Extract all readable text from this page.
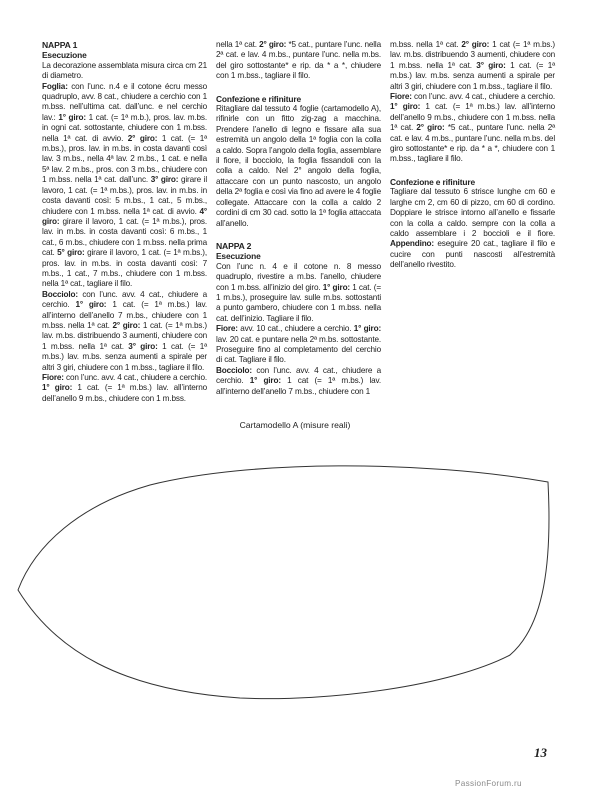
NAPPA 1
Esecuzione

La decorazione assemblata misura circa cm 21 di diametro.

Foglia: con l’unc. n.4 e il cotone écru messo quadruplo, avv. 8 cat., chiudere a cerchio con 1 m.bss. nell’ultima cat. dall’unc. e nel cerchio lav.: 1° giro: 1 cat. (= 1ª m.b.), pros. lav. m.bs. in ogni cat. sottostante, chiudere con 1 m.bss. nella 1ª cat. di avvio. 2° giro: 1 cat. (= 1ª m.bs.), pros. lav. in m.bs. in costa davanti così lav. 3 m.bs., nella 4ª lav. 2 m.bs., 1 cat. e nella 5ª lav. 2 m.bs., pros. con 3 m.bs., chiudere con 1 m.bss. nella 1ª cat. dall’unc. 3° giro: girare il lavoro, 1 cat. (= 1ª m.bs.), pros. lav. in m.bs. in costa davanti così: 5 m.bs., 1 cat., 5 m.bs., chiudere con 1 m.bss. nella 1ª cat. di avvio. 4° giro: girare il lavoro, 1 cat. (= 1ª m.bs.), pros. lav. in m.bs. in costa davanti così: 6 m.bs., 1 cat., 6 m.bs., chiudere con 1 m.bss. nella prima cat. 5° giro: girare il lavoro, 1 cat. (= 1ª m.bs.), pros. lav. in m.bs. in costa davanti così: 7 m.bs., 1 cat., 7 m.bs., chiudere con 1 m.bss. nella 1ª cat., tagliare il filo.

Bocciolo: con l’unc. avv. 4 cat., chiudere a cerchio. 1° giro: 1 cat. (= 1ª m.bs.) lav. all’interno dell’anello 7 m.bs., chiudere con 1 m.bss. nella 1ª cat. 2° giro: 1 cat. (= 1ª m.bs.) lav. m.bs. distribuendo 3 aumenti, chiudere con 1 m.bss. nella 1ª cat. 3° giro: 1 cat. (= 1ª m.bs.) lav. m.bs. senza aumenti a spirale per altri 3 giri, chiudere con 1 m.bss., tagliare il filo.

Fiore: con l’unc. avv. 4 cat., chiudere a cerchio. 1° giro: 1 cat. (= 1ª m.bs.) lav. all’interno dell’anello 9 m.bs., chiudere con 1 m.bss.

nella 1ª cat. 2° giro: *5 cat., puntare l’unc. nella 2ª cat. e lav. 4 m.bs., puntare l’unc. nella m.bs. del giro sottostante* e rip. da * a *, chiudere con 1 m.bss., tagliare il filo.

Confezione e rifiniture

Ritagliare dal tessuto 4 foglie (cartamodello A), rifinirle con un fitto zig-zag a macchina. Prendere l’anello di legno e fissare alla sua estremità un angolo della 1ª foglia con la colla a caldo. Sopra l’angolo della foglia, assemblare il fiore, il bocciolo, la foglia fissandoli con la colla a caldo. Nel 2° angolo della foglia, attaccare con un punto nascosto, un angolo della 2ª foglia e così via fino ad avere le 4 foglie collegate. Attaccare con la colla a caldo 2 cordini di cm 30 cad. sotto la 1ª foglia attaccata all’anello.

NAPPA 2
Esecuzione

Con l’unc n. 4 e il cotone n. 8 messo quadruplo, rivestire a m.bs. l’anello, chiudere con 1 m.bss. all’inizio del giro. 1° giro: 1 cat. (= 1 m.bs.), proseguire lav. sulle m.bs. sottostanti a punto gambero, chiudere con 1 m.bss. nella cat. dell’inizio. Tagliare il filo.

Fiore: avv. 10 cat., chiudere a cerchio. 1° giro: lav. 20 cat. e puntare nella 2ª m.bs. sottostante. Proseguire fino al completamento del cerchio di cat. Tagliare il filo.

Bocciolo: con l’unc. avv. 4 cat., chiudere a cerchio. 1° giro: 1 cat (= 1ª m.bs.) lav. all’interno dell’anello 7 m.bs., chiudere con 1

m.bss. nella 1ª cat. 2° giro: 1 cat (= 1ª m.bs.) lav. m.bs. distribuendo 3 aumenti, chiudere con 1 m.bss. nella 1ª cat. 3° giro: 1 cat. (= 1ª m.bs.) lav. m.bs. senza aumenti a spirale per altri 3 giri, chiudere con 1 m.bss., tagliare il filo.

Fiore: con l’unc. avv. 4 cat., chiudere a cerchio. 1° giro: 1 cat. (= 1ª m.bs.) lav. all’interno dell’anello 9 m.bs., chiudere con 1 m.bss. nella 1ª cat. 2° giro: *5 cat., puntare l’unc. nella 2ª cat. e lav. 4 m.bs., puntare l’unc. nella m.bs. del giro sottostante* e rip. da * a *, chiudere con 1 m.bss., tagliare il filo.

Confezione e rifiniture

Tagliare dal tessuto 6 strisce lunghe cm 60 e larghe cm 2, cm 60 di pizzo, cm 60 di cordino. Doppiare le strisce intorno all’anello e fissarle con la colla a caldo. sempre con la colla a caldo assemblare i 2 boccioli e il fiore. Appendino: eseguire 20 cat., tagliare il filo e cucire con punti nascosti all’estremità dell’anello rivestito.

Cartamodello A (misure reali)
13
PassionForum.ru
